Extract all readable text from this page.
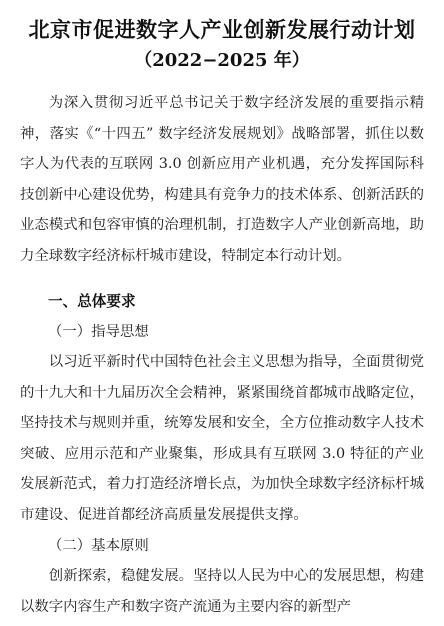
北京市促进数字人产业创新发展行动计划
（2022−2025 年）

为深入贯彻习近平总书记关于数字经济发展的重要指示精神，落实《“十四五” 数字经济发展规划》战略部署，抓住以数字人为代表的互联网 3.0 创新应用产业机遇，充分发挥国际科技创新中心建设优势，构建具有竞争力的技术体系、创新活跃的业态模式和包容审慎的治理机制，打造数字人产业创新高地，助力全球数字经济标杆城市建设，特制定本行动计划。

一、总体要求
（一）指导思想

以习近平新时代中国特色社会主义思想为指导，全面贯彻党的十九大和十九届历次全会精神，紧紧围绕首都城市战略定位，坚持技术与规则并重，统筹发展和安全，全方位推动数字人技术突破、应用示范和产业聚集，形成具有互联网 3.0 特征的产业发展新范式，着力打造经济增长点，为加快全球数字经济标杆城市建设、促进首都经济高质量发展提供支撑。

（二）基本原则

创新探索，稳健发展。坚持以人民为中心的发展思想，构建以数字内容生产和数字资产流通为主要内容的新型产
